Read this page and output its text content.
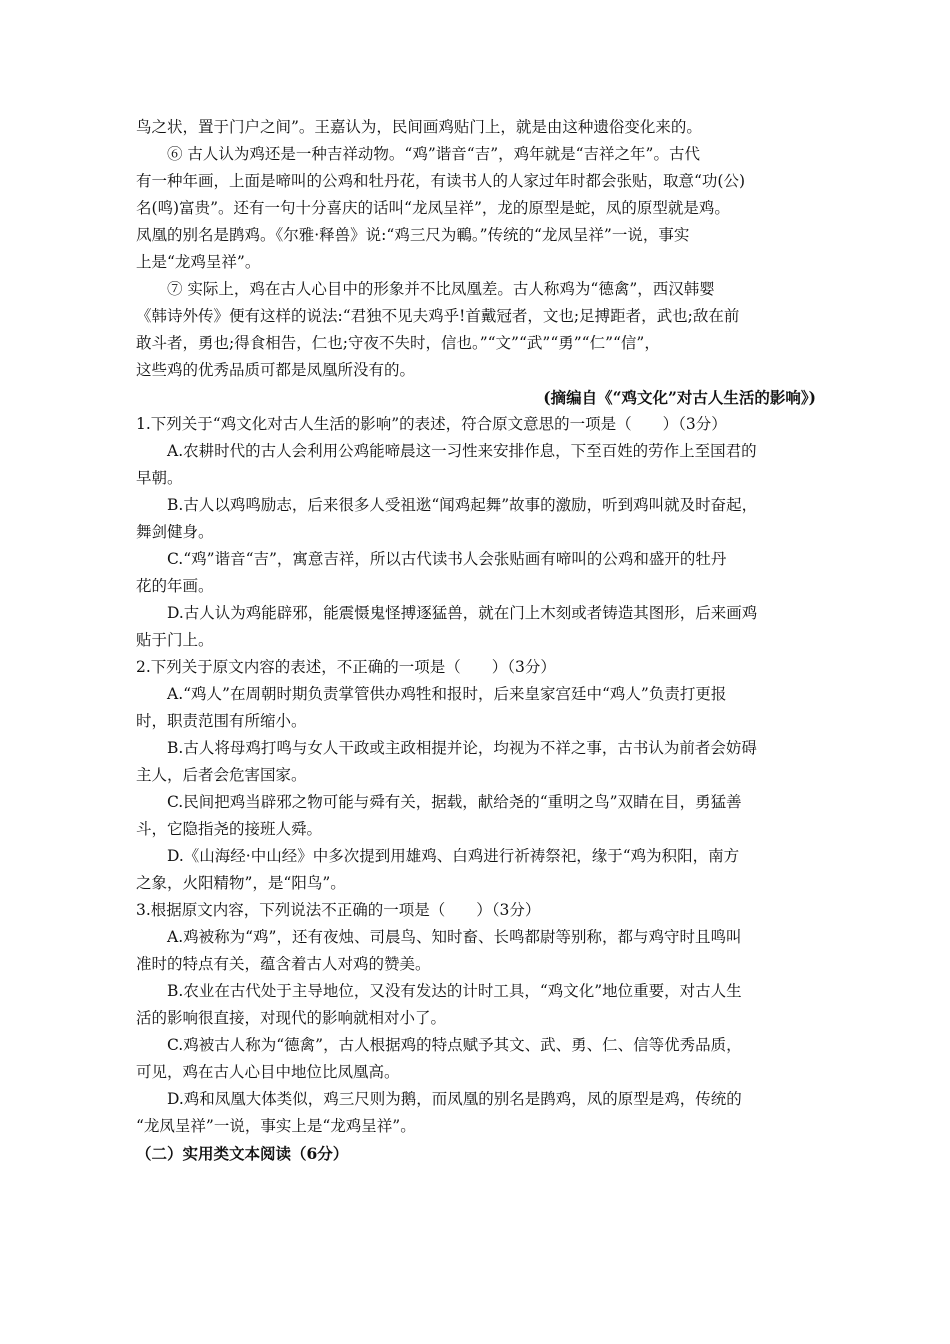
鸟之状，置于门户之间”。王嘉认为，民间画鸡贴门上，就是由这种遗俗变化来的。
⑥ 古人认为鸡还是一种吉祥动物。“鸡”谐音“吉”，鸡年就是“吉祥之年”。古代
有一种年画，上面是啼叫的公鸡和牡丹花，有读书人的人家过年时都会张贴，取意“功(公)
名(鸣)富贵”。还有一句十分喜庆的话叫“龙凤呈祥”，龙的原型是蛇，凤的原型就是鸡。
凤凰的别名是鹍鸡。《尔雅·释兽》说:“鸡三尺为鶤。”传统的“龙凤呈祥”一说，事实
上是“龙鸡呈祥”。
⑦ 实际上，鸡在古人心目中的形象并不比凤凰差。古人称鸡为“德禽”，西汉韩婴
《韩诗外传》便有这样的说法:“君独不见夫鸡乎!首戴冠者，文也;足搏距者，武也;敌在前
敢斗者，勇也;得食相告，仁也;守夜不失时，信也。”“文”“武”“勇”“仁”“信”，
这些鸡的优秀品质可都是凤凰所没有的。
(摘编自《“鸡文化”对古人生活的影响》)
1.下列关于“鸡文化对古人生活的影响”的表述，符合原文意思的一项是（　　）（3分）
A.农耕时代的古人会利用公鸡能啼晨这一习性来安排作息，下至百姓的劳作上至国君的
早朝。
B.古人以鸡鸣励志，后来很多人受祖逖“闻鸡起舞”故事的激励，听到鸡叫就及时奋起，
舞剑健身。
C.“鸡”谐音“吉”，寓意吉祥，所以古代读书人会张贴画有啼叫的公鸡和盛开的牡丹
花的年画。
D.古人认为鸡能辟邪，能震慑鬼怪搏逐猛兽，就在门上木刻或者铸造其图形，后来画鸡
贴于门上。
2.下列关于原文内容的表述，不正确的一项是（　　）（3分）
A.“鸡人”在周朝时期负责掌管供办鸡牲和报时，后来皇家宫廷中“鸡人”负责打更报
时，职责范围有所缩小。
B.古人将母鸡打鸣与女人干政或主政相提并论，均视为不祥之事，古书认为前者会妨碍
主人，后者会危害国家。
C.民间把鸡当辟邪之物可能与舜有关，据载，献给尧的“重明之鸟”双睛在目，勇猛善
斗，它隐指尧的接班人舜。
D.《山海经·中山经》中多次提到用雄鸡、白鸡进行祈祷祭祀，缘于“鸡为积阳，南方
之象，火阳精物”，是“阳鸟”。
3.根据原文内容，下列说法不正确的一项是（　　）（3分）
A.鸡被称为“鸡”，还有夜烛、司晨鸟、知时畜、长鸣都尉等别称，都与鸡守时且鸣叫
准时的特点有关，蕴含着古人对鸡的赞美。
B.农业在古代处于主导地位，又没有发达的计时工具，“鸡文化”地位重要，对古人生
活的影响很直接，对现代的影响就相对小了。
C.鸡被古人称为“德禽”，古人根据鸡的特点赋予其文、武、勇、仁、信等优秀品质，
可见，鸡在古人心目中地位比凤凰高。
D.鸡和凤凰大体类似，鸡三尺则为鹅，而凤凰的别名是鹍鸡，凤的原型是鸡，传统的
“龙凤呈祥”一说，事实上是“龙鸡呈祥”。
（二）实用类文本阅读（6分）
